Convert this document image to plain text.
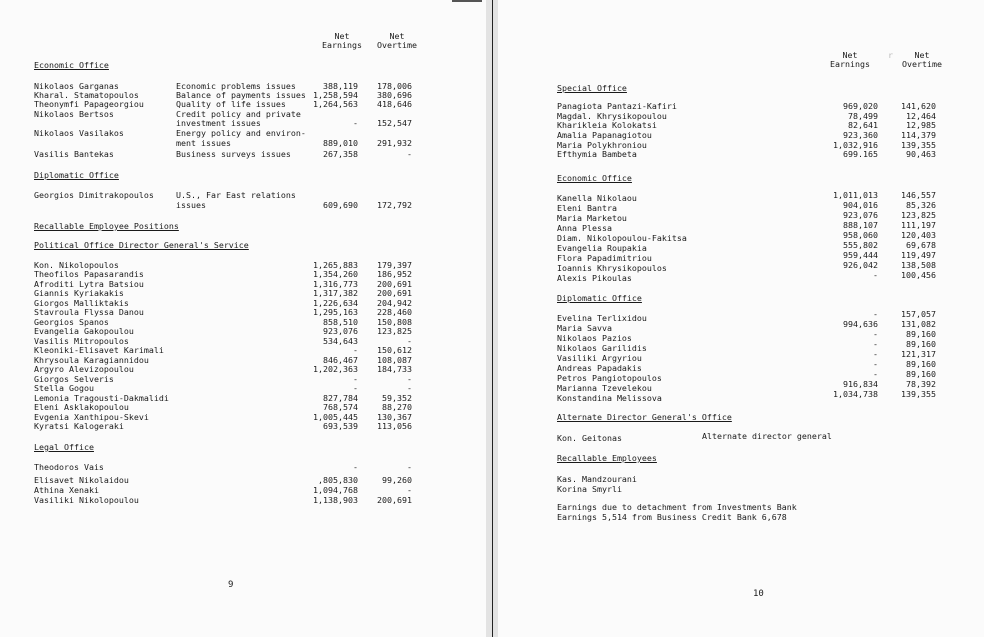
Net
Earnings
Net
Overtime
Economic Office
Nikolaos Garganas	Economic problems issues	388,119	178,006
Kharal. Stamatopoulos	Balance of payments issues 1,258,594	380,696
Theonymfi Papageorgiou	Quality of life issues	1,264,563	418,646
Nikolaos Bertsos	Credit policy and private
investment issues	-	152,547
Nikolaos Vasilakos	Energy policy and environ-
ment issues	889,010	291,932
Vasilis Bantekas	Business surveys issues	267,358	-
Diplomatic Office
Georgios Dimitrakopoulos	U.S., Far East relations
issues	609,690	172,792
Recallable Employee Positions
Political Office Director General's Service
Kon. Nikolopoulos	1,265,883	179,397
Theofilos Papasarandis	1,354,260	186,952
Afroditi Lytra Batsiou	1,316,773	200,691
Giannis Kyriakakis	1,317,382	200,691
Giorgos Malliktakis	1,226,634	204,942
Stavroula Flyssa Danou	1,295,163	228,460
Georgios Spanos	858,510	150,808
Evangelia Gakopoulou	923,076	123,825
Vasilis Mitropoulos	534,643	-
Kleoniki-Elisavet Karimali	-	150,612
Khrysoula Karagiannidou	846,467	108,087
Argyro Alevizopoulou	1,202,363	184,733
Giorgos Selveris	-	-
Stella Gogou	-	-
Lemonia Tragousti-Dakmalidi	827,784	59,352
Eleni Asklakopoulou	768,574	88,270
Evgenia Xanthipou-Skevi	1,005,445	130,367
Kyratsi Kalogeraki	693,539	113,056
Legal Office
Theodoros Vais	-	-
Elisavet Nikolaidou	,805,830	99,260
Athina Xenaki	1,094,768	-
Vasiliki Nikolopoulou	1,138,903	200,691
9
Net
Earnings
r	Net
Overtime
Special Office
Panagiota Pantazi-Kafiri	969,020	141,620
Magdal. Khrysikopoulou	78,499	12,464
Kharikleia Kolokatsi	82,641	12,985
Amalia Papanagiotou	923,360	114,379
Maria Polykhroniou	1,032,916	139,355
Efthymia Bambeta	699.165	90,463
Economic Office
Kanella Nikolaou	1,011,013	146,557
Eleni Bantra	904,016	85,326
Maria Marketou	923,076	123,825
Anna Plessa	888,107	111,197
Diam. Nikolopoulou-Fakitsa	958,060	120,403
Evangelia Roupakia	555,802	69,678
Flora Papadimitriou	959,444	119,497
Ioannis Khrysikopoulos	926,042	138,508
Alexis Pikoulas	-	100,456
Diplomatic Office
Evelina Terlixidou	-	157,057
Maria Savva	994,636	131,082
Nikolaos Pazios	-	89,160
Nikolaos Garilidis	-	89,160
Vasiliki Argyriou	-	121,317
Andreas Papadakis	-	89,160
Petros Pangiotopoulos	-	89,160
Marianna Tzevelekou	916,834	78,392
Konstandina Melissova	1,034,738	139,355
Alternate Director General's Office
Kon. Geitonas	Alternate director general
Recallable Employees
Kas. Mandzourani
Korina Smyrli
Earnings due to detachment from Investments Bank
Earnings 5,514 from Business Credit Bank 6,678
10
